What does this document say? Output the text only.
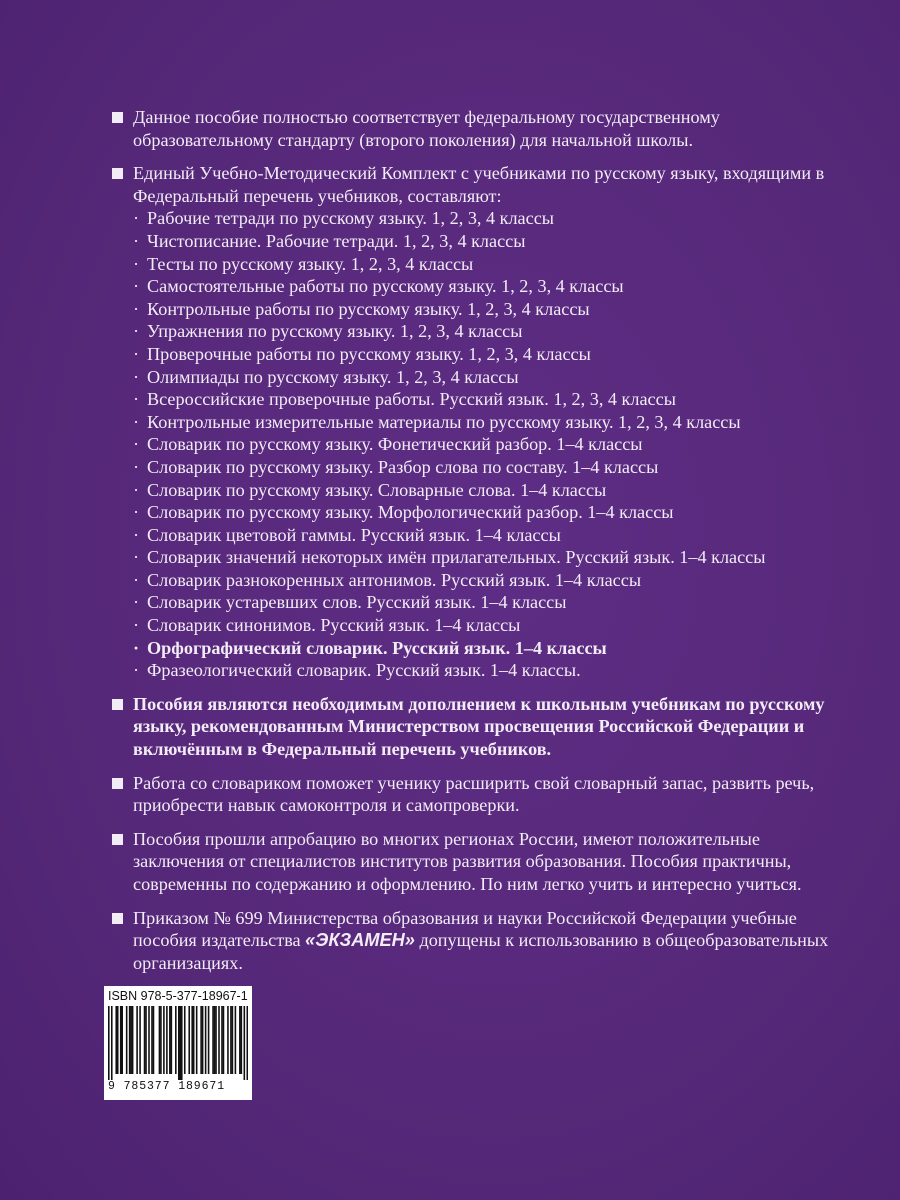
Данное пособие полностью соответствует федеральному государственному образовательному стандарту (второго поколения) для начальной школы.
Единый Учебно-Методический Комплект с учебниками по русскому языку, входящими в Федеральный перечень учебников, составляют:
· Рабочие тетради по русскому языку. 1, 2, 3, 4 классы
· Чистописание. Рабочие тетради. 1, 2, 3, 4 классы
· Тесты по русскому языку. 1, 2, 3, 4 классы
· Самостоятельные работы по русскому языку. 1, 2, 3, 4 классы
· Контрольные работы по русскому языку. 1, 2, 3, 4 классы
· Упражнения по русскому языку. 1, 2, 3, 4 классы
· Проверочные работы по русскому языку. 1, 2, 3, 4 классы
· Олимпиады по русскому языку. 1, 2, 3, 4 классы
· Всероссийские проверочные работы. Русский язык. 1, 2, 3, 4 классы
· Контрольные измерительные материалы по русскому языку. 1, 2, 3, 4 классы
· Словарик по русскому языку. Фонетический разбор. 1–4 классы
· Словарик по русскому языку. Разбор слова по составу. 1–4 классы
· Словарик по русскому языку. Словарные слова. 1–4 классы
· Словарик по русскому языку. Морфологический разбор. 1–4 классы
· Словарик цветовой гаммы. Русский язык. 1–4 классы
· Словарик значений некоторых имён прилагательных. Русский язык. 1–4 классы
· Словарик разнокоренных антонимов. Русский язык. 1–4 классы
· Словарик устаревших слов. Русский язык. 1–4 классы
· Словарик синонимов. Русский язык. 1–4 классы
· Орфографический словарик. Русский язык. 1–4 классы
· Фразеологический словарик. Русский язык. 1–4 классы.
Пособия являются необходимым дополнением к школьным учебникам по русскому языку, рекомендованным Министерством просвещения Российской Федерации и включённым в Федеральный перечень учебников.
Работа со словариком поможет ученику расширить свой словарный запас, развить речь, приобрести навык самоконтроля и самопроверки.
Пособия прошли апробацию во многих регионах России, имеют положительные заключения от специалистов институтов развития образования. Пособия практичны, современны по содержанию и оформлению. По ним легко учить и интересно учиться.
Приказом № 699 Министерства образования и науки Российской Федерации учебные пособия издательства «ЭКЗАМЕН» допущены к использованию в общеобразовательных организациях.
ISBN 978-5-377-18967-1
9 785377 189671
